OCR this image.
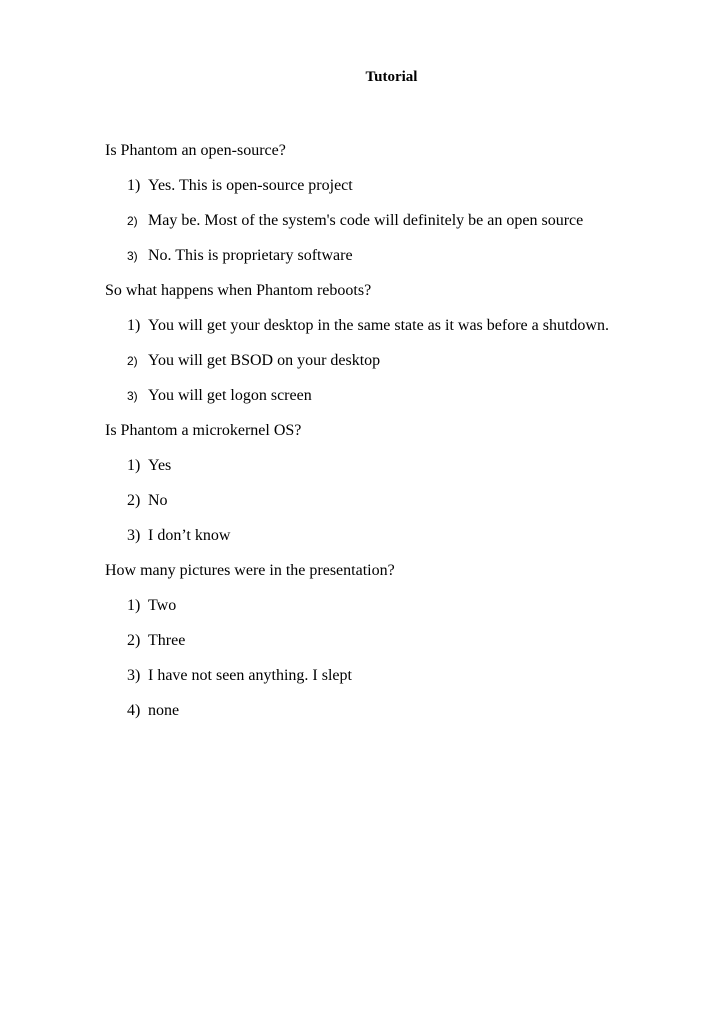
Tutorial

Is Phantom an open-source?

1) Yes. This is open-source project
2) May be. Most of the system's code will definitely be an open source
3) No. This is proprietary software

So what happens when Phantom reboots?

1) You will get your desktop in the same state as it was before a shutdown.
2) You will get BSOD on your desktop
3) You will get logon screen

Is Phantom a microkernel OS?

1) Yes
2) No
3) I don’t know

How many pictures were in the presentation?

1) Two
2) Three
3) I have not seen anything. I slept
4) none
